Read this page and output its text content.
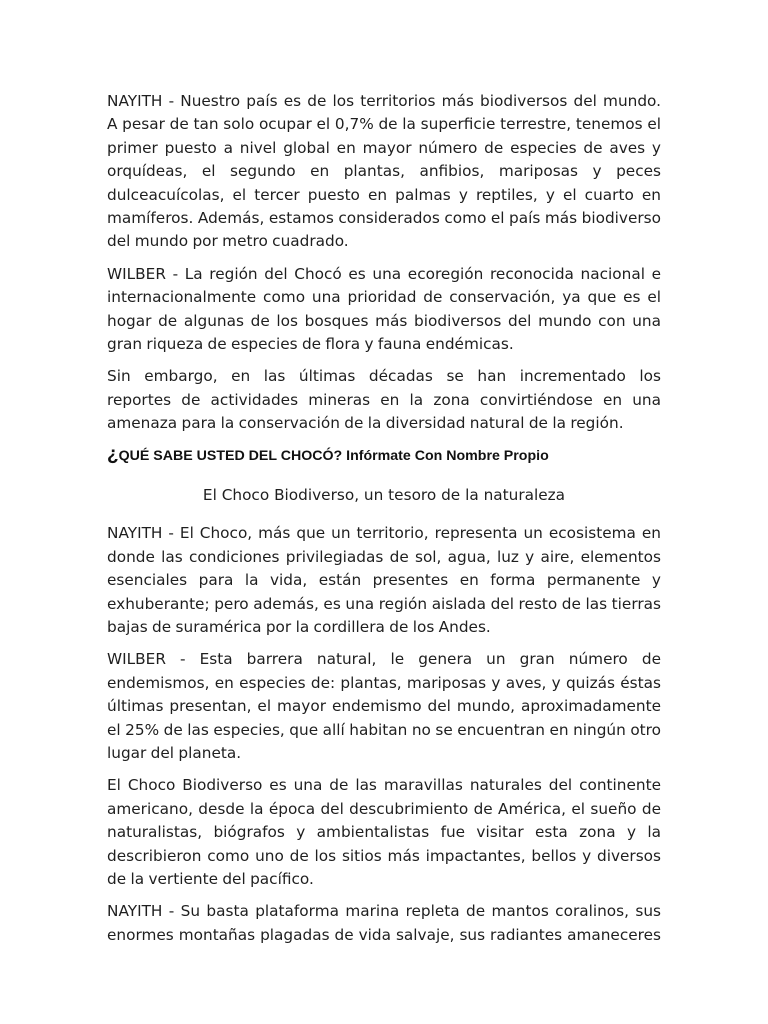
NAYITH - Nuestro país es de los territorios más biodiversos del mundo.
A pesar de tan solo ocupar el 0,7% de la superficie terrestre, tenemos el
primer puesto a nivel global en mayor número de especies de aves y
orquídeas, el segundo en plantas, anfibios, mariposas y peces
dulceacuícolas, el tercer puesto en palmas y reptiles, y el cuarto en
mamíferos. Además, estamos considerados como el país más biodiverso
del mundo por metro cuadrado.
WILBER - La región del Chocó es una ecoregión reconocida nacional e
internacionalmente como una prioridad de conservación, ya que es el
hogar de algunas de los bosques más biodiversos del mundo con una
gran riqueza de especies de flora y fauna endémicas.
Sin embargo, en las últimas décadas se han incrementado los
reportes de actividades mineras en la zona convirtiéndose en una
amenaza para la conservación de la diversidad natural de la región.
¿QUÉ SABE USTED DEL CHOCÓ? Infórmate Con Nombre Propio
El Choco Biodiverso, un tesoro de la naturaleza
NAYITH - El Choco, más que un territorio, representa un ecosistema en
donde las condiciones privilegiadas de sol, agua, luz y aire, elementos
esenciales para la vida, están presentes en forma permanente y
exhuberante; pero además, es una región aislada del resto de las tierras
bajas de suramérica por la cordillera de los Andes.
WILBER - Esta barrera natural, le genera un gran número de
endemismos, en especies de: plantas, mariposas y aves, y quizás éstas
últimas presentan, el mayor endemismo del mundo, aproximadamente
el 25% de las especies, que allí habitan no se encuentran en ningún otro
lugar del planeta.
El Choco Biodiverso es una de las maravillas naturales del continente
americano, desde la época del descubrimiento de América, el sueño de
naturalistas, biógrafos y ambientalistas fue visitar esta zona y la
describieron como uno de los sitios más impactantes, bellos y diversos
de la vertiente del pacífico.
NAYITH - Su basta plataforma marina repleta de mantos coralinos, sus
enormes montañas plagadas de vida salvaje, sus radiantes amaneceres
